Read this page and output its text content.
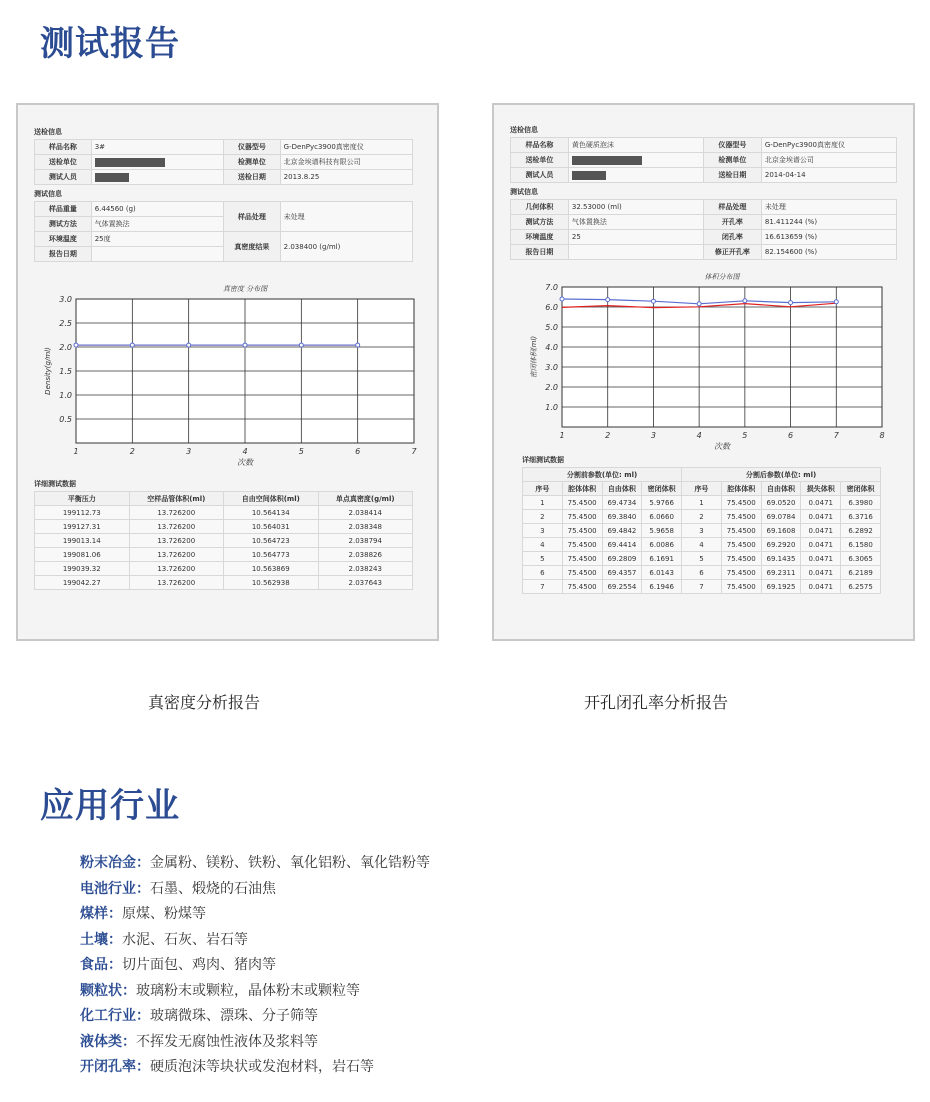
测试报告
送检信息
样品名称	3#	仪器型号	G-DenPyc3900真密度仪
送检单位		检测单位	北京金埃谱科技有限公司
测试人员		送检日期	2013.8.25
测试信息
样品重量	6.44560 (g)	样品处理	未处理
测试方法	气体置换法		
环境温度	25度	真密度结果	2.038400 (g/ml)
报告日期			
真密度 分布图
0.5
1.0
1.5
2.0
2.5
3.0
1	2	3	4	5	6	7
次数
Density(g/ml)
详细测试数据
平衡压力	空样品管体积(ml)	自由空间体积(ml)	单点真密度(g/ml)
199112.73	13.726200	10.564134	2.038414
199127.31	13.726200	10.564031	2.038348
199013.14	13.726200	10.564723	2.038794
199081.06	13.726200	10.564773	2.038826
199039.32	13.726200	10.563869	2.038243
199042.27	13.726200	10.562938	2.037643
送检信息
样品名称	黄色硬质泡沫	仪器型号	G-DenPyc3900真密度仪
送检单位		检测单位	北京金埃谱公司
测试人员		送检日期	2014-04-14
测试信息
几何体积	32.53000 (ml)	样品处理	未处理
测试方法	气体置换法	开孔率	81.411244 (%)
环境温度	25	闭孔率	16.613659 (%)
报告日期		修正开孔率	82.154600 (%)
体积分布图
1.0
2.0
3.0
4.0
5.0
6.0
7.0
1	2	3	4	5	6	7	8
次数
密闭体积(ml)
详细测试数据
分割前参数(单位: ml)				分割后参数(单位: ml)				
序号	腔体体积	自由体积	密闭体积	序号	腔体体积	自由体积	损失体积	密闭体积
1	75.4500	69.4734	5.9766	1	75.4500	69.0520	0.0471	6.3980
2	75.4500	69.3840	6.0660	2	75.4500	69.0784	0.0471	6.3716
3	75.4500	69.4842	5.9658	3	75.4500	69.1608	0.0471	6.2892
4	75.4500	69.4414	6.0086	4	75.4500	69.2920	0.0471	6.1580
5	75.4500	69.2809	6.1691	5	75.4500	69.1435	0.0471	6.3065
6	75.4500	69.4357	6.0143	6	75.4500	69.2311	0.0471	6.2189
7	75.4500	69.2554	6.1946	7	75.4500	69.1925	0.0471	6.2575
真密度分析报告	开孔闭孔率分析报告
应用行业
粉末冶金：金属粉、镁粉、铁粉、氧化铝粉、氧化锆粉等
电池行业：石墨、煅烧的石油焦
煤样：原煤、粉煤等
土壤：水泥、石灰、岩石等
食品：切片面包、鸡肉、猪肉等
颗粒状：玻璃粉末或颗粒，晶体粉末或颗粒等
化工行业：玻璃微珠、漂珠、分子筛等
液体类：不挥发无腐蚀性液体及浆料等
开闭孔率：硬质泡沫等块状或发泡材料，岩石等
